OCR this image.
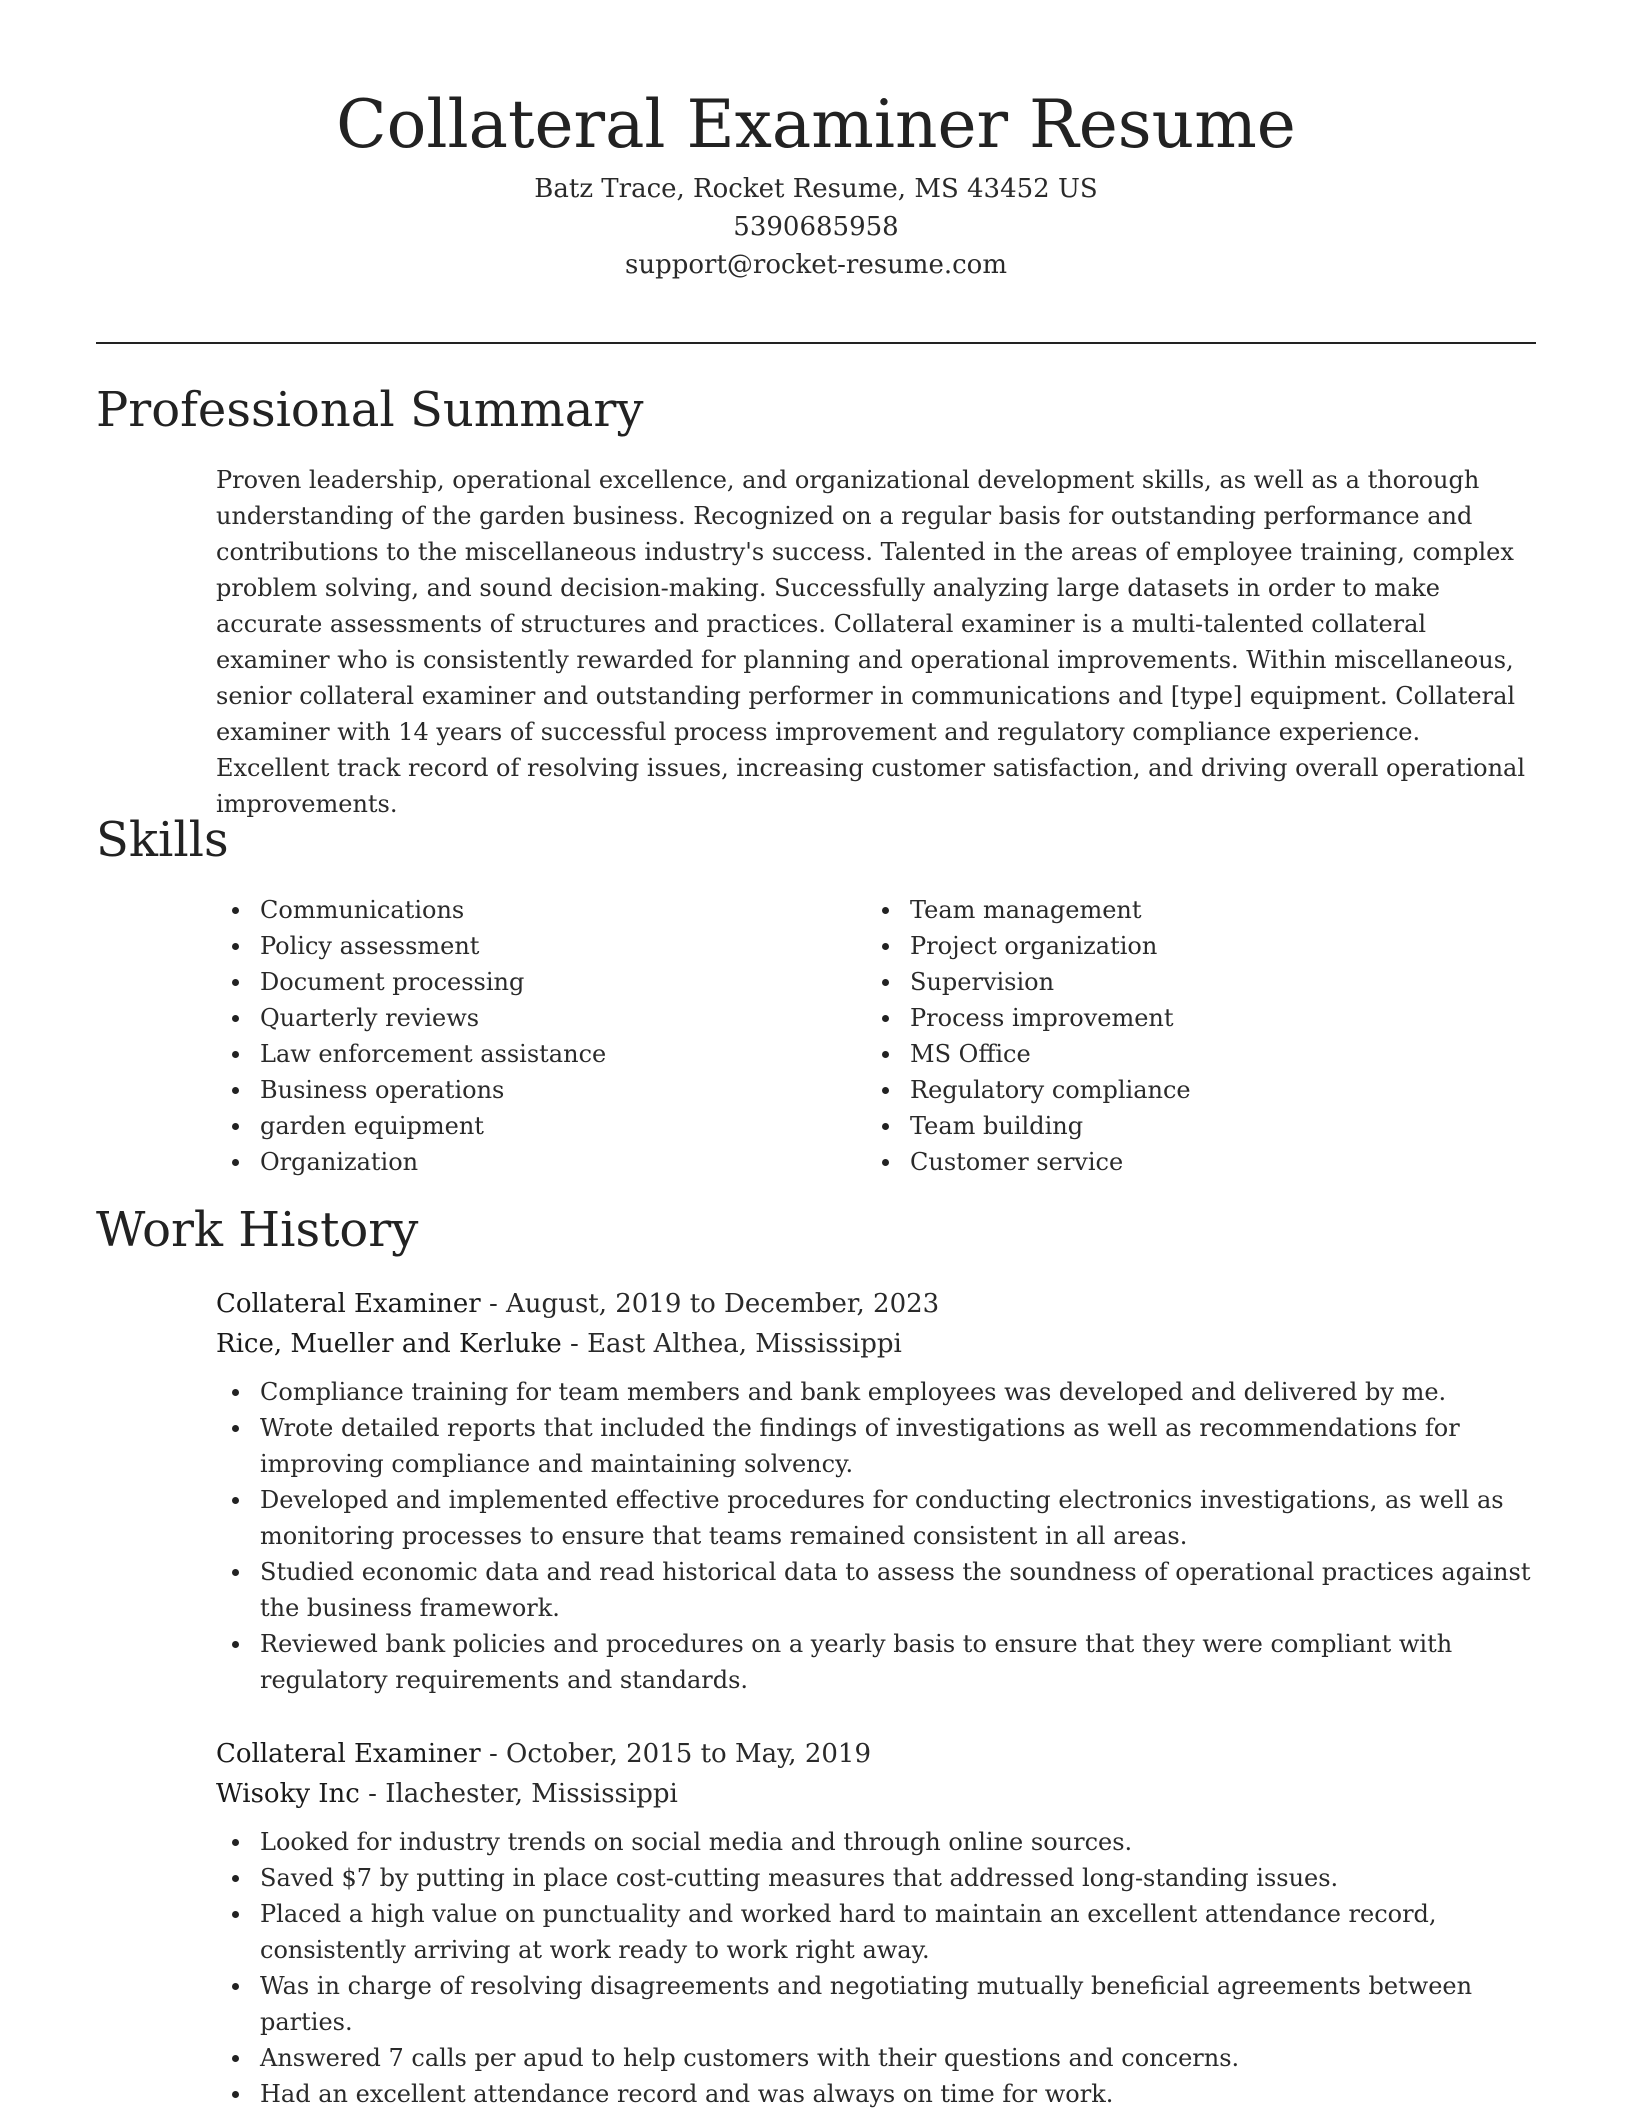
Collateral Examiner Resume
Batz Trace, Rocket Resume, MS 43452 US
5390685958
support@rocket-resume.com
Professional Summary

Proven leadership, operational excellence, and organizational development skills, as well as a thorough understanding of the garden business. Recognized on a regular basis for outstanding performance and contributions to the miscellaneous industry's success. Talented in the areas of employee training, complex problem solving, and sound decision-making. Successfully analyzing large datasets in order to make accurate assessments of structures and practices. Collateral examiner is a multi-talented collateral examiner who is consistently rewarded for planning and operational improvements. Within miscellaneous, senior collateral examiner and outstanding performer in communications and [type] equipment. Collateral examiner with 14 years of successful process improvement and regulatory compliance experience. Excellent track record of resolving issues, increasing customer satisfaction, and driving overall operational improvements.

Skills
Communications
Policy assessment
Document processing
Quarterly reviews
Law enforcement assistance
Business operations
garden equipment
Organization
Team management
Project organization
Supervision
Process improvement
MS Office
Regulatory compliance
Team building
Customer service
Work History
Collateral Examiner - August, 2019 to December, 2023
Rice, Mueller and Kerluke - East Althea, Mississippi
Compliance training for team members and bank employees was developed and delivered by me.
Wrote detailed reports that included the findings of investigations as well as recommendations for improving compliance and maintaining solvency.
Developed and implemented effective procedures for conducting electronics investigations, as well as monitoring processes to ensure that teams remained consistent in all areas.
Studied economic data and read historical data to assess the soundness of operational practices against the business framework.
Reviewed bank policies and procedures on a yearly basis to ensure that they were compliant with regulatory requirements and standards.
Collateral Examiner - October, 2015 to May, 2019
Wisoky Inc - Ilachester, Mississippi
Looked for industry trends on social media and through online sources.
Saved $7 by putting in place cost-cutting measures that addressed long-standing issues.
Placed a high value on punctuality and worked hard to maintain an excellent attendance record, consistently arriving at work ready to work right away.
Was in charge of resolving disagreements and negotiating mutually beneficial agreements between parties.
Answered 7 calls per apud to help customers with their questions and concerns.
Had an excellent attendance record and was always on time for work.
